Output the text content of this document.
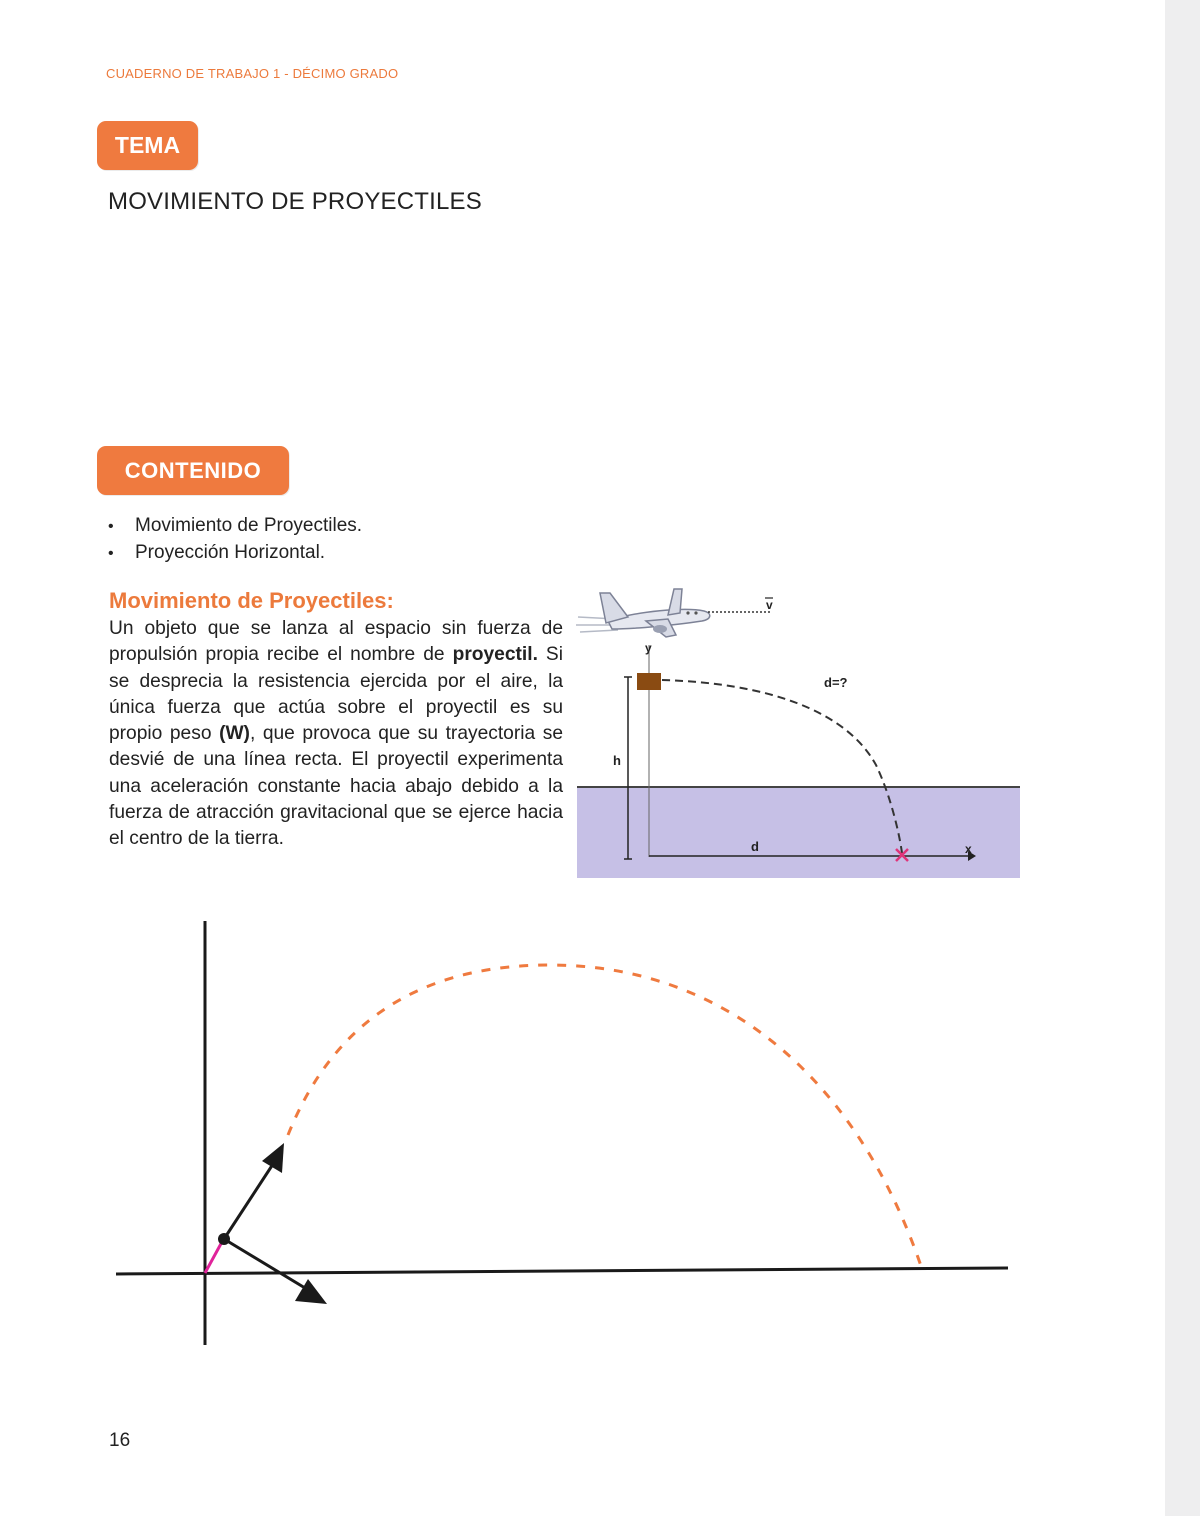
CUADERNO DE TRABAJO 1 - DÉCIMO GRADO
TEMA
MOVIMIENTO DE PROYECTILES
CONTENIDO
• Movimiento de Proyectiles.
• Proyección Horizontal.
Movimiento de Proyectiles:
Un objeto que se lanza al espacio sin fuerza de propulsión propia recibe el nombre de proyectil. Si se desprecia la resistencia ejercida por el aire, la única fuerza que actúa sobre el proyectil es su propio peso (W), que provoca que su trayectoria se desvié de una línea recta. El proyectil experimenta una aceleración constante hacia abajo debido a la fuerza de atracción gravitacional que se ejerce hacia el centro de la tierra.
v
h
y
x
d
d=?
16
